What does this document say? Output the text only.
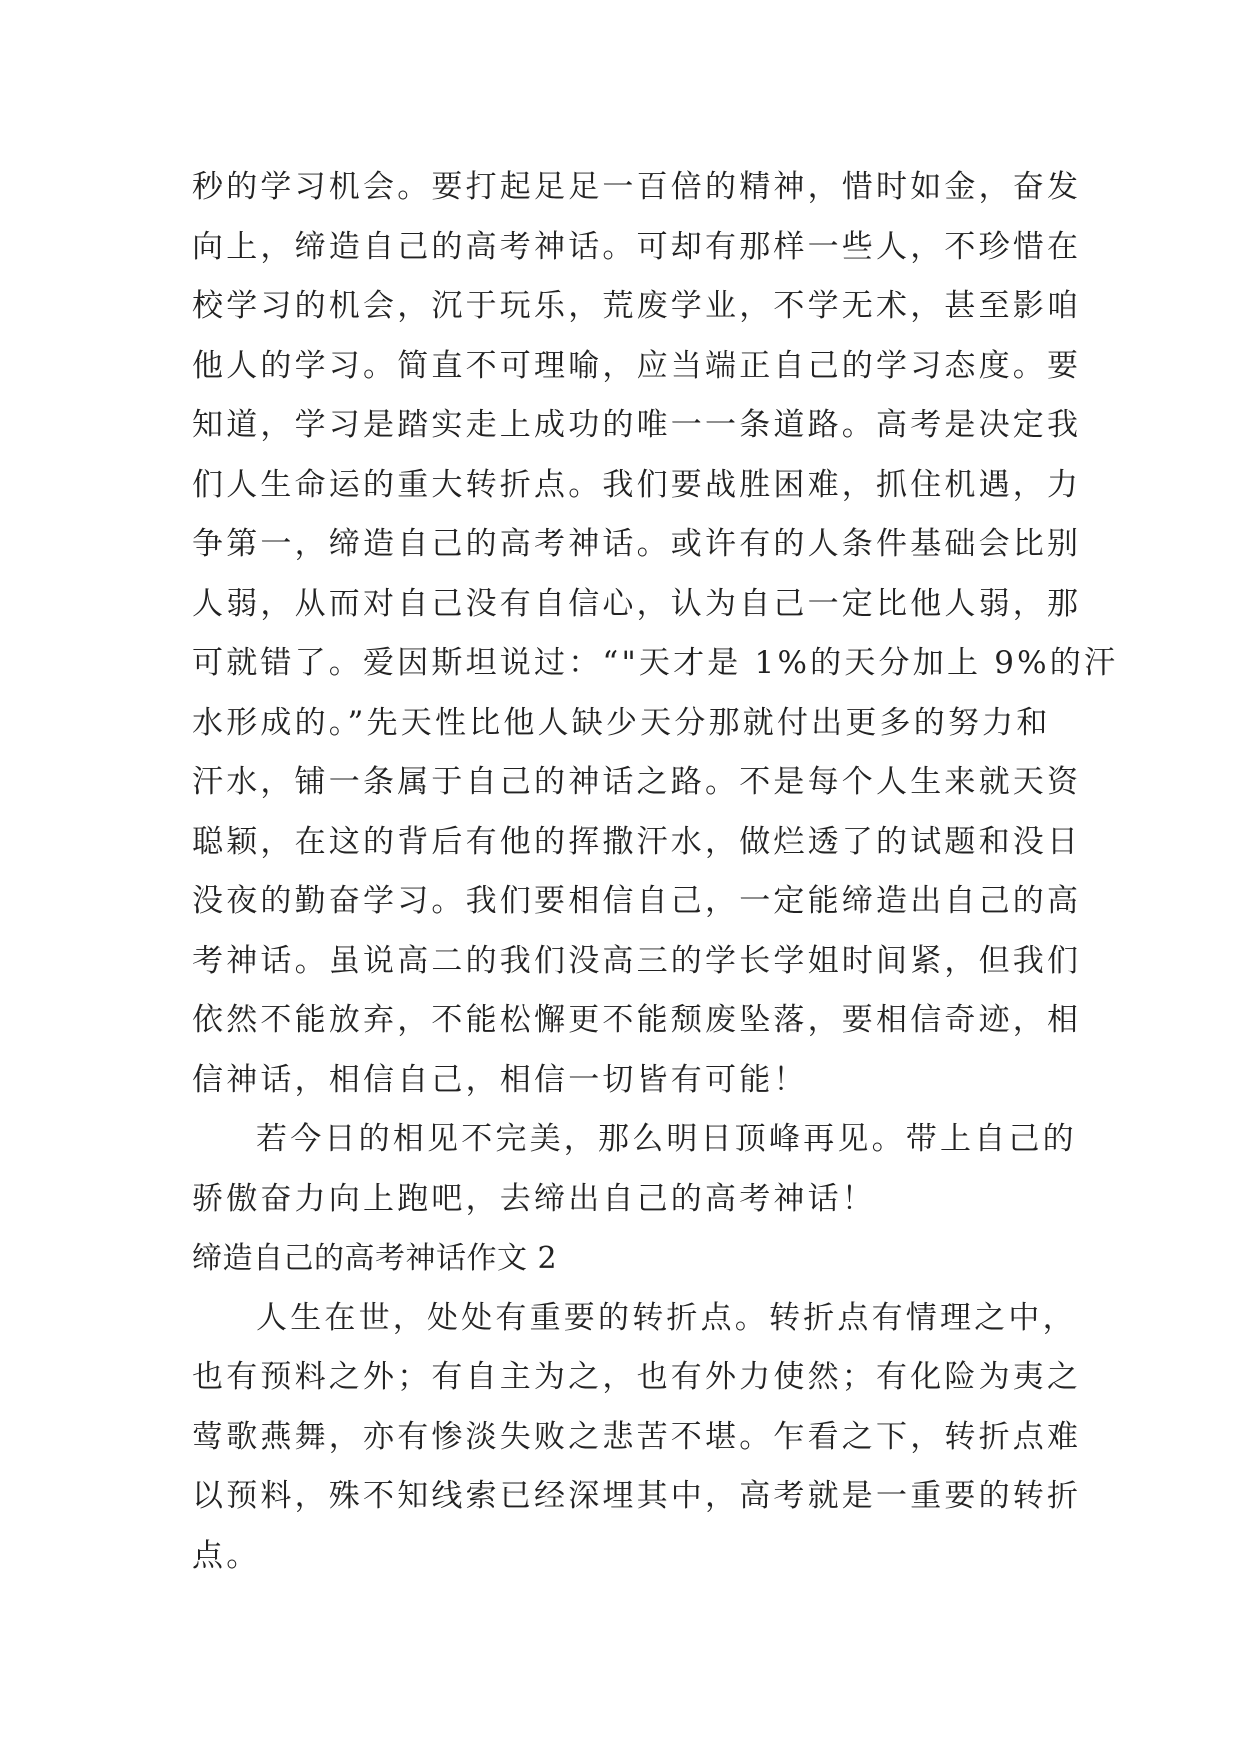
秒的学习机会。要打起足足一百倍的精神，惜时如金，奋发
向上，缔造自己的高考神话。可却有那样一些人，不珍惜在
校学习的机会，沉于玩乐，荒废学业，不学无术，甚至影咱
他人的学习。简直不可理喻，应当端正自己的学习态度。要
知道，学习是踏实走上成功的唯一一条道路。高考是决定我
们人生命运的重大转折点。我们要战胜困难，抓住机遇，力
争第一，缔造自己的高考神话。或许有的人条件基础会比别
人弱，从而对自己没有自信心，认为自己一定比他人弱，那
可就错了。爱因斯坦说过：“"天才是 1%的天分加上 9%的汗
水形成的。”先天性比他人缺少天分那就付出更多的努力和
汗水，铺一条属于自己的神话之路。不是每个人生来就天资
聪颖，在这的背后有他的挥撒汗水，做烂透了的试题和没日
没夜的勤奋学习。我们要相信自己，一定能缔造出自己的高
考神话。虽说高二的我们没高三的学长学姐时间紧，但我们
依然不能放弃，不能松懈更不能颓废坠落，要相信奇迹，相
信神话，相信自己，相信一切皆有可能！
若今日的相见不完美，那么明日顶峰再见。带上自己的
骄傲奋力向上跑吧，去缔出自己的高考神话！
缔造自己的高考神话作文 2
人生在世，处处有重要的转折点。转折点有情理之中，
也有预料之外；有自主为之，也有外力使然；有化险为夷之
莺歌燕舞，亦有惨淡失败之悲苦不堪。乍看之下，转折点难
以预料，殊不知线索已经深埋其中，高考就是一重要的转折
点。
